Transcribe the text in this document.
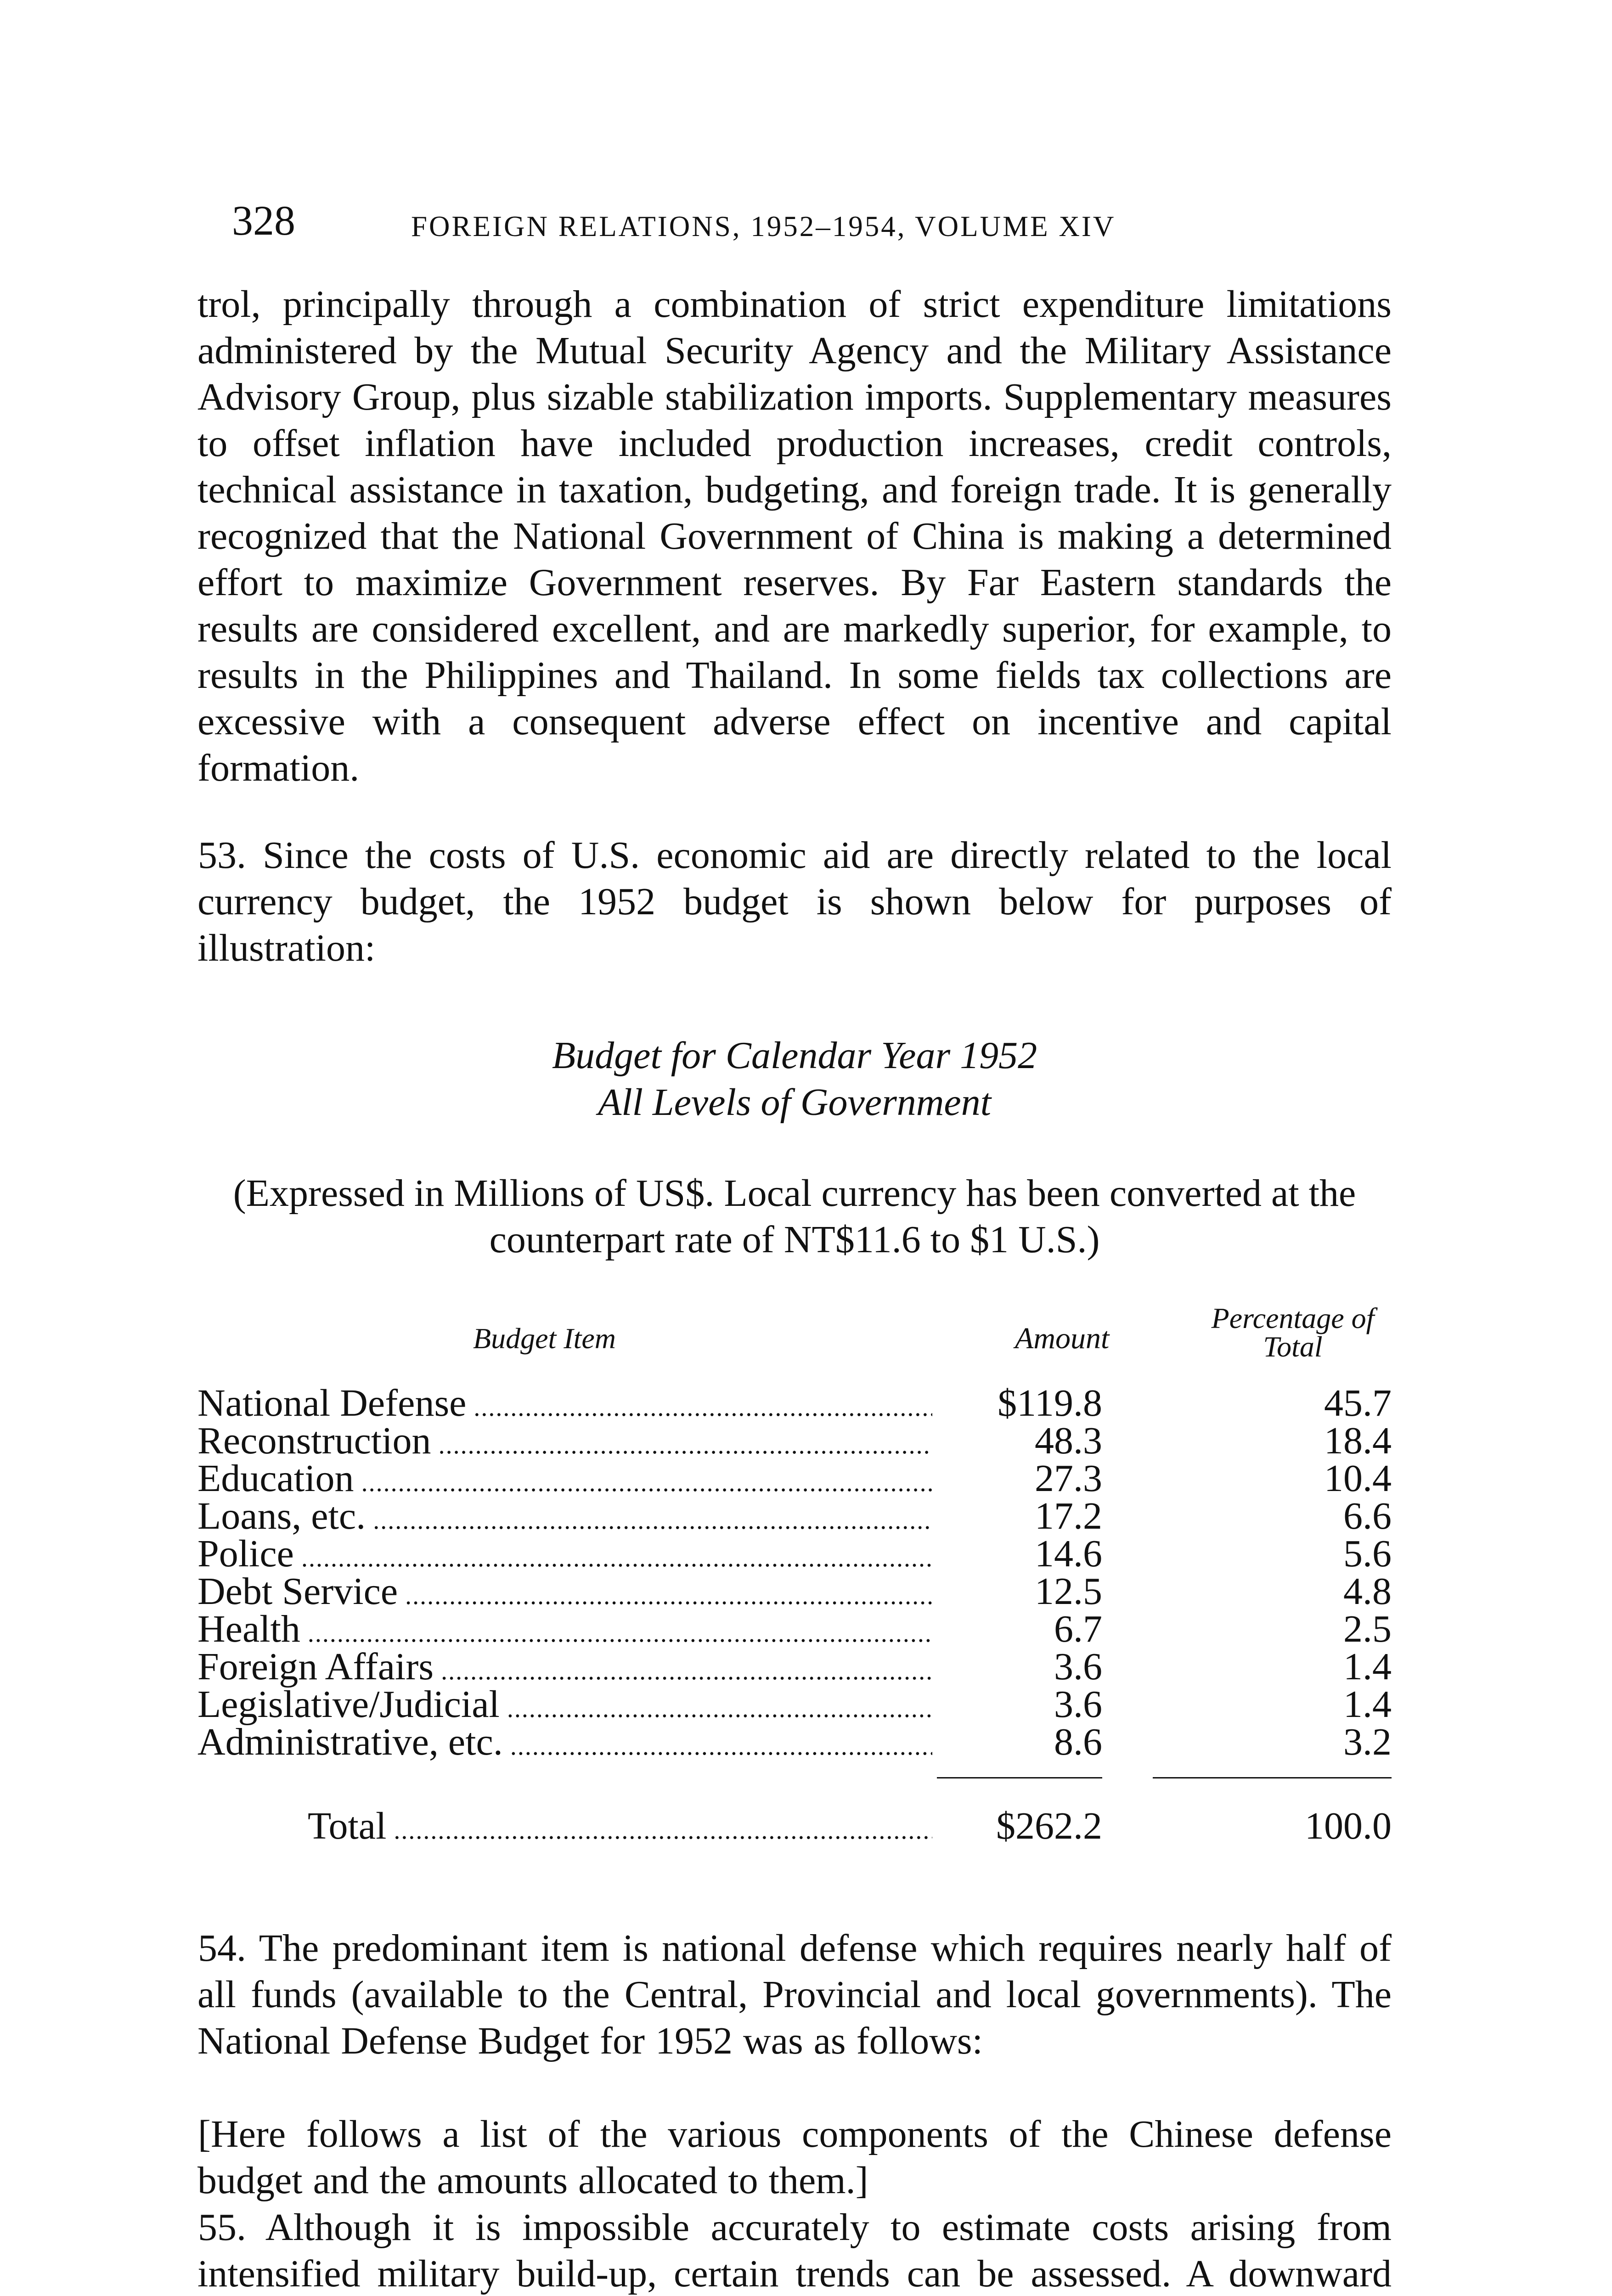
328	FOREIGN RELATIONS, 1952–1954, VOLUME XIV

trol, principally through a combination of strict expenditure limitations administered by the Mutual Security Agency and the Military Assistance Advisory Group, plus sizable stabilization imports. Supplementary measures to offset inflation have included production increases, credit controls, technical assistance in taxation, budgeting, and foreign trade. It is generally recognized that the National Government of China is making a determined effort to maximize Government reserves. By Far Eastern standards the results are considered excellent, and are markedly superior, for example, to results in the Philippines and Thailand. In some fields tax collections are excessive with a consequent adverse effect on incentive and capital formation.

53. Since the costs of U.S. economic aid are directly related to the local currency budget, the 1952 budget is shown below for purposes of illustration:

Budget for Calendar Year 1952
All Levels of Government
(Expressed in Millions of US$. Local currency has been converted at the counterpart rate of NT$11.6 to $1 U.S.)
Budget Item	Amount
Percentage of
Total
National Defense .....	$119.8	45.7
Reconstruction .....	48.3	18.4
Education .....	27.3	10.4
Loans, etc. .....	17.2	6.6
Police .....	14.6	5.6
Debt Service .....	12.5	4.8
Health .....	6.7	2.5
Foreign Affairs .....	3.6	1.4
Legislative/Judicial .....	3.6	1.4
Administrative, etc. .....	8.6	3.2
Total .....	$262.2	100.0

54. The predominant item is national defense which requires nearly half of all funds (available to the Central, Provincial and local governments). The National Defense Budget for 1952 was as follows:

[Here follows a list of the various components of the Chinese defense budget and the amounts allocated to them.]

55. Although it is impossible accurately to estimate costs arising from intensified military build-up, certain trends can be assessed. A downward
